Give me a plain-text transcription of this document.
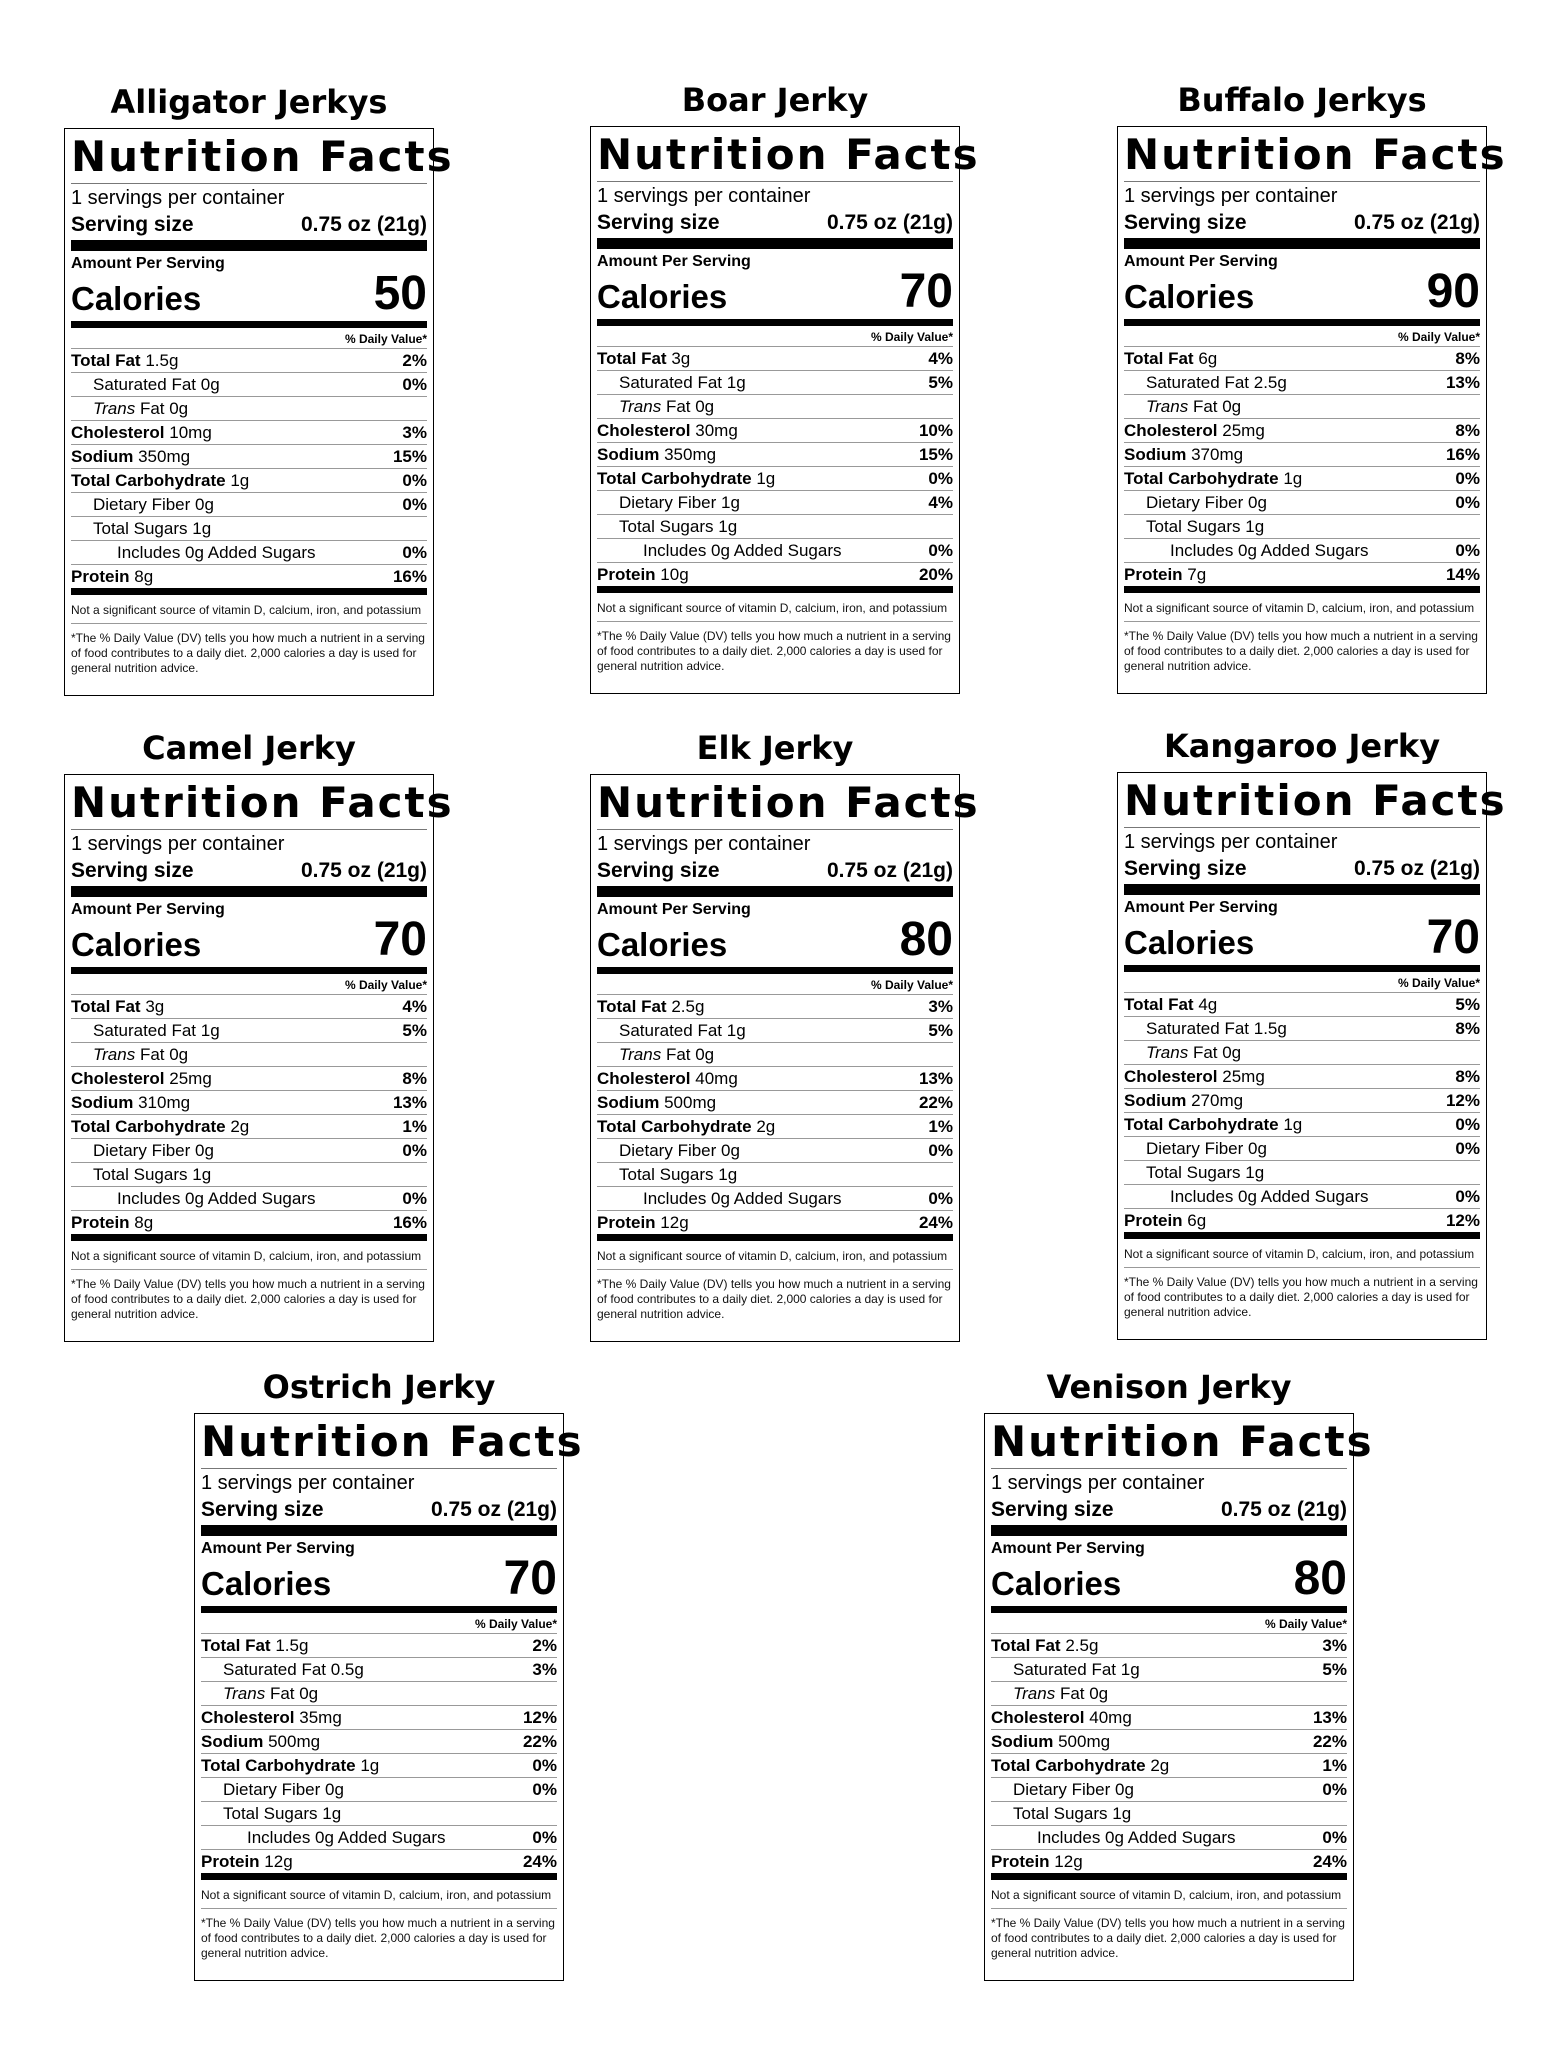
Alligator Jerkys
Nutrition Facts
1 servings per container
Serving size	0.75 oz (21g)
Amount Per Serving
Calories	50
% Daily Value*
Total Fat 1.5g	2%
Saturated Fat 0g	0%
Trans Fat 0g
Cholesterol 10mg	3%
Sodium 350mg	15%
Total Carbohydrate 1g	0%
Dietary Fiber 0g	0%
Total Sugars 1g
Includes 0g Added Sugars	0%
Protein 8g	16%
Not a significant source of vitamin D, calcium, iron, and potassium
*The % Daily Value (DV) tells you how much a nutrient in a serving of food contributes to a daily diet. 2,000 calories a day is used for general nutrition advice.
Boar Jerky
Nutrition Facts
1 servings per container
Serving size	0.75 oz (21g)
Amount Per Serving
Calories	70
% Daily Value*
Total Fat 3g	4%
Saturated Fat 1g	5%
Trans Fat 0g
Cholesterol 30mg	10%
Sodium 350mg	15%
Total Carbohydrate 1g	0%
Dietary Fiber 1g	4%
Total Sugars 1g
Includes 0g Added Sugars	0%
Protein 10g	20%
Not a significant source of vitamin D, calcium, iron, and potassium
*The % Daily Value (DV) tells you how much a nutrient in a serving of food contributes to a daily diet. 2,000 calories a day is used for general nutrition advice.
Buffalo Jerkys
Nutrition Facts
1 servings per container
Serving size	0.75 oz (21g)
Amount Per Serving
Calories	90
% Daily Value*
Total Fat 6g	8%
Saturated Fat 2.5g	13%
Trans Fat 0g
Cholesterol 25mg	8%
Sodium 370mg	16%
Total Carbohydrate 1g	0%
Dietary Fiber 0g	0%
Total Sugars 1g
Includes 0g Added Sugars	0%
Protein 7g	14%
Not a significant source of vitamin D, calcium, iron, and potassium
*The % Daily Value (DV) tells you how much a nutrient in a serving of food contributes to a daily diet. 2,000 calories a day is used for general nutrition advice.
Camel Jerky
Nutrition Facts
1 servings per container
Serving size	0.75 oz (21g)
Amount Per Serving
Calories	70
% Daily Value*
Total Fat 3g	4%
Saturated Fat 1g	5%
Trans Fat 0g
Cholesterol 25mg	8%
Sodium 310mg	13%
Total Carbohydrate 2g	1%
Dietary Fiber 0g	0%
Total Sugars 1g
Includes 0g Added Sugars	0%
Protein 8g	16%
Not a significant source of vitamin D, calcium, iron, and potassium
*The % Daily Value (DV) tells you how much a nutrient in a serving of food contributes to a daily diet. 2,000 calories a day is used for general nutrition advice.
Elk Jerky
Nutrition Facts
1 servings per container
Serving size	0.75 oz (21g)
Amount Per Serving
Calories	80
% Daily Value*
Total Fat 2.5g	3%
Saturated Fat 1g	5%
Trans Fat 0g
Cholesterol 40mg	13%
Sodium 500mg	22%
Total Carbohydrate 2g	1%
Dietary Fiber 0g	0%
Total Sugars 1g
Includes 0g Added Sugars	0%
Protein 12g	24%
Not a significant source of vitamin D, calcium, iron, and potassium
*The % Daily Value (DV) tells you how much a nutrient in a serving of food contributes to a daily diet. 2,000 calories a day is used for general nutrition advice.
Kangaroo Jerky
Nutrition Facts
1 servings per container
Serving size	0.75 oz (21g)
Amount Per Serving
Calories	70
% Daily Value*
Total Fat 4g	5%
Saturated Fat 1.5g	8%
Trans Fat 0g
Cholesterol 25mg	8%
Sodium 270mg	12%
Total Carbohydrate 1g	0%
Dietary Fiber 0g	0%
Total Sugars 1g
Includes 0g Added Sugars	0%
Protein 6g	12%
Not a significant source of vitamin D, calcium, iron, and potassium
*The % Daily Value (DV) tells you how much a nutrient in a serving of food contributes to a daily diet. 2,000 calories a day is used for general nutrition advice.
Ostrich Jerky
Nutrition Facts
1 servings per container
Serving size	0.75 oz (21g)
Amount Per Serving
Calories	70
% Daily Value*
Total Fat 1.5g	2%
Saturated Fat 0.5g	3%
Trans Fat 0g
Cholesterol 35mg	12%
Sodium 500mg	22%
Total Carbohydrate 1g	0%
Dietary Fiber 0g	0%
Total Sugars 1g
Includes 0g Added Sugars	0%
Protein 12g	24%
Not a significant source of vitamin D, calcium, iron, and potassium
*The % Daily Value (DV) tells you how much a nutrient in a serving of food contributes to a daily diet. 2,000 calories a day is used for general nutrition advice.
Venison Jerky
Nutrition Facts
1 servings per container
Serving size	0.75 oz (21g)
Amount Per Serving
Calories	80
% Daily Value*
Total Fat 2.5g	3%
Saturated Fat 1g	5%
Trans Fat 0g
Cholesterol 40mg	13%
Sodium 500mg	22%
Total Carbohydrate 2g	1%
Dietary Fiber 0g	0%
Total Sugars 1g
Includes 0g Added Sugars	0%
Protein 12g	24%
Not a significant source of vitamin D, calcium, iron, and potassium
*The % Daily Value (DV) tells you how much a nutrient in a serving of food contributes to a daily diet. 2,000 calories a day is used for general nutrition advice.
